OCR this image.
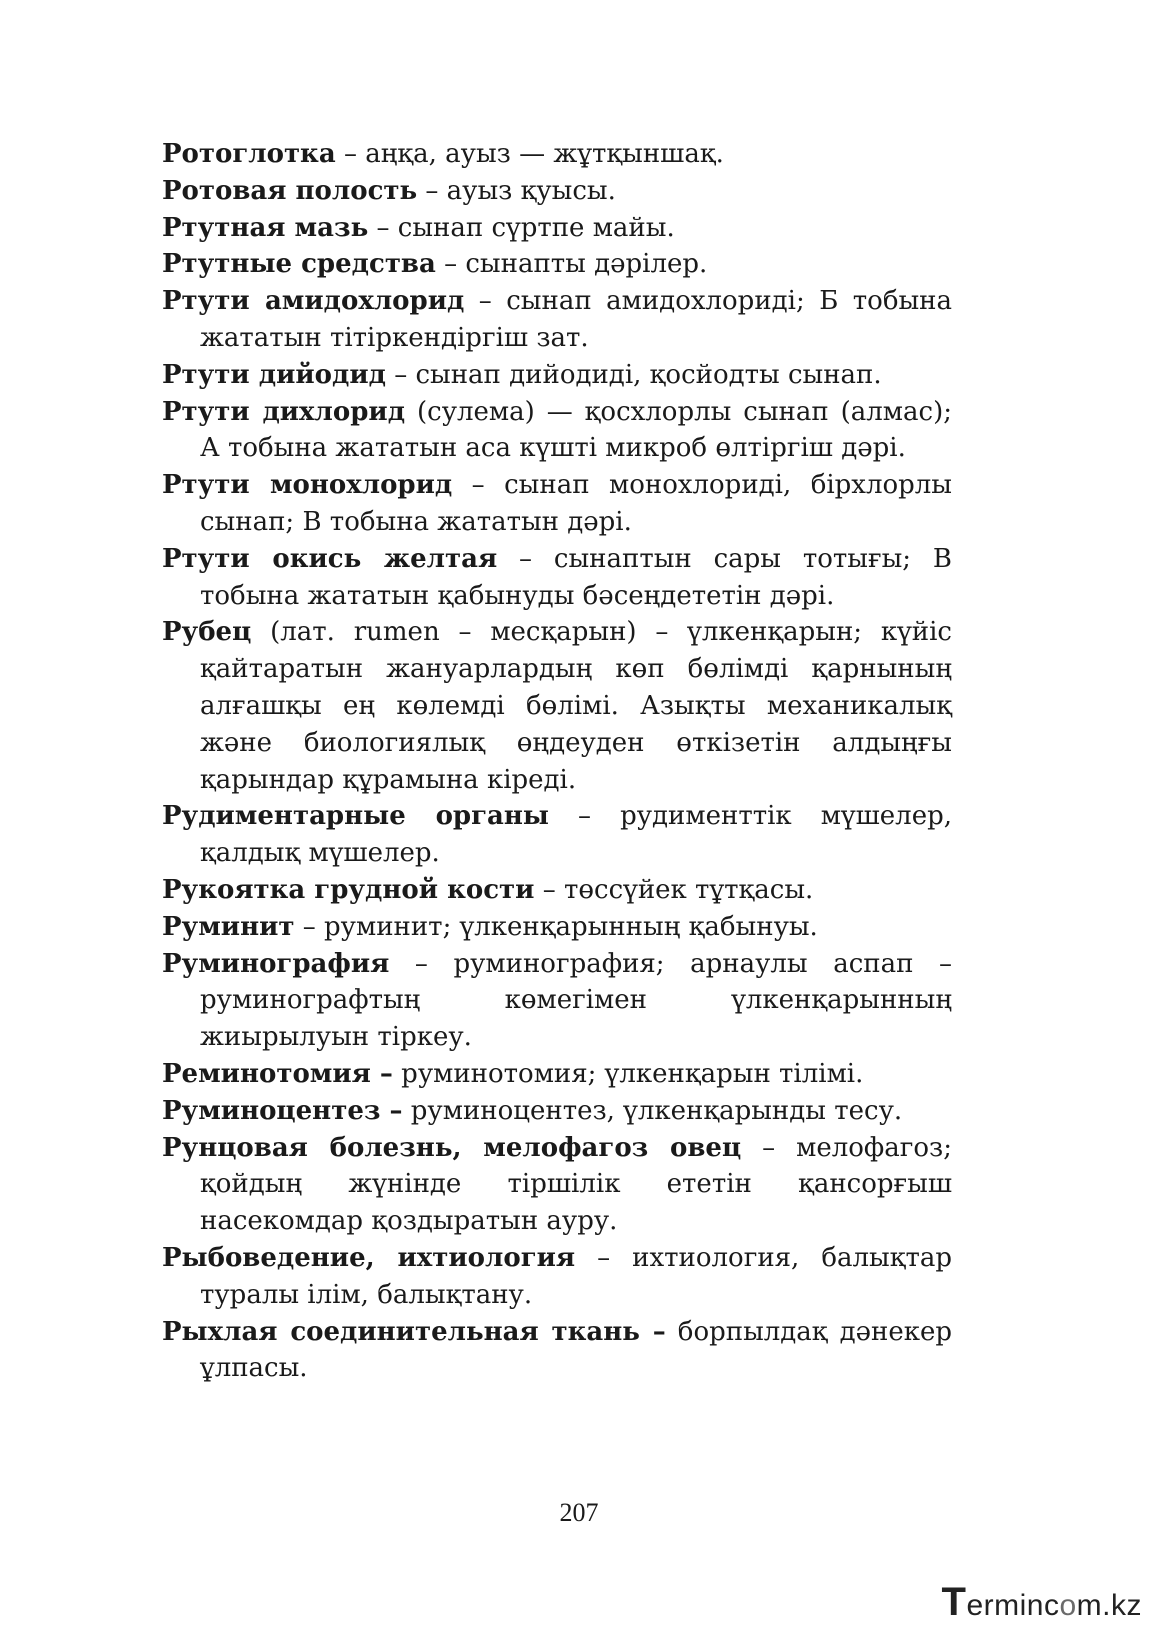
Ротоглотка – аңқа, ауыз — жұтқыншақ.

Ротовая полость – ауыз қуысы.

Ртутная мазь – сынап сүртпе майы.

Ртутные средства – сынапты дәрілер.

Ртути амидохлорид – сынап амидохлориді; Б тобына жататын тітіркендіргіш зат.

Ртути дийодид – сынап дийодиді, қосйодты сынап.

Ртути дихлорид (сулема) — қосхлорлы сынап (алмас); А тобына жататын аса күшті микроб өлтіргіш дәрі.

Ртути монохлорид – сынап монохлориді, бірхлорлы сынап; В тобына жататын дәрі.

Ртути окись желтая – сынаптын сары тотығы; В тобына жататын қабынуды бәсеңдететін дәрі.

Рубец (лат. rumen – месқарын) – үлкенқарын; күйіс қайтаратын жануарлардың көп бөлімді қарнының алғашқы ең көлемді бөлімі. Азықты механикалық және биологиялық өңдеуден өткізетін алдыңғы қарындар құрамына кіреді.

Рудиментарные органы – рудименттік мүшелер, қалдық мүшелер.

Рукоятка грудной кости – төссүйек тұтқасы.

Руминит – руминит; үлкенқарынның қабынуы.

Руминография – руминография; арнаулы аспап – руминографтың көмегімен үлкенқарынның жиырылуын тіркеу.

Реминотомия – руминотомия; үлкенқарын тілімі.

Руминоцентез – руминоцентез, үлкенқарынды тесу.

Рунцовая болезнь, мелофагоз овец – мелофагоз; қойдың жүнінде тіршілік ететін қансорғыш насекомдар қоздыратын ауру.

Рыбоведение, ихтиология – ихтиология, балықтар туралы ілім, балықтану.

Рыхлая соединительная ткань – борпылдақ дәнекер ұлпасы.

207
Termincom.kz
